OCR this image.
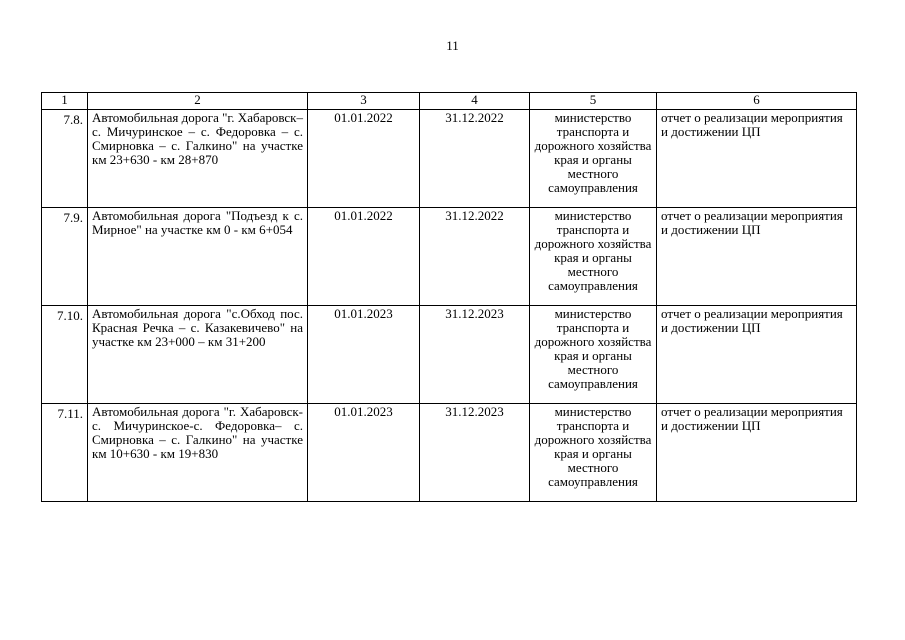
11
1	2	3	4	5	6
7.8.	Автомобильная дорога "г. Хабаровск–с. Мичуринское – с. Федоровка – с. Смирновка – с. Галкино" на участке км 23+630 - км 28+870	01.01.2022	31.12.2022	министерство транспорта и дорожного хозяйства края и органы местного самоуправления	отчет о реализации мероприятия и достижении ЦП
7.9.	Автомобильная дорога "Подъезд к с. Мирное" на участке км 0 - км 6+054	01.01.2022	31.12.2022	министерство транспорта и дорожного хозяйства края и органы местного самоуправления	отчет о реализации мероприятия и достижении ЦП
7.10.	Автомобильная дорога "с.Обход пос. Красная Речка – с. Казакевичево" на участке км 23+000 – км 31+200	01.01.2023	31.12.2023	министерство транспорта и дорожного хозяйства края и органы местного самоуправления	отчет о реализации мероприятия и достижении ЦП
7.11.	Автомобильная дорога "г. Хабаровск-с. Мичуринское-с. Федоровка– с. Смирновка – с. Галкино" на участке км 10+630 - км 19+830	01.01.2023	31.12.2023	министерство транспорта и дорожного хозяйства края и органы местного самоуправления	отчет о реализации мероприятия и достижении ЦП
